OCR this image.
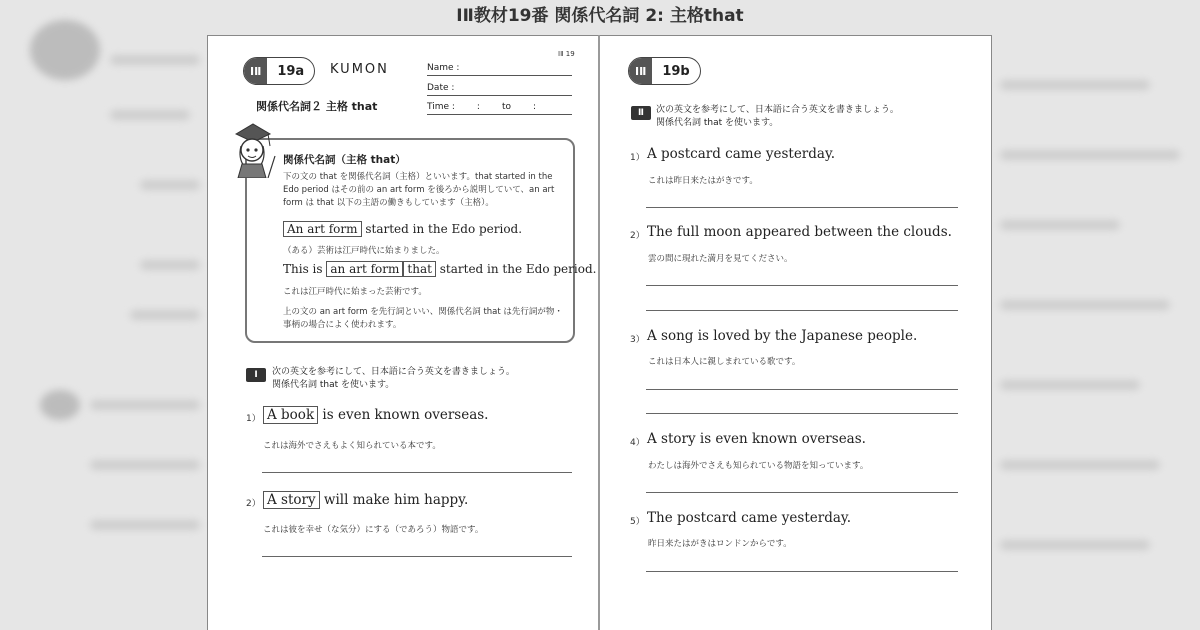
ⅠⅡ教材19番 関係代名詞 2: 主格that
ⅠⅡ	19a	KUMON
ⅠⅡ 19
Name :
Date :
Time : : to :
関係代名詞２ 主格 that
関係代名詞（主格 that）
下の文の that を関係代名詞（主格）といいます。that started in the Edo period はその前の an art form を後ろから説明していて、an art form は that 以下の主語の働きもしています（主格）。
An art form started in the Edo period.
（ある）芸術は江戸時代に始まりました。
This is an art form that started in the Edo period.
これは江戸時代に始まった芸術です。
上の文の an art form を先行詞といい、関係代名詞 that は先行詞が物・事柄の場合によく使われます。
Ⅰ	次の英文を参考にして、日本語に合う英文を書きましょう。
関係代名詞 that を使います。
1） A book is even known overseas.
これは海外でさえもよく知られている本です。
2） A story will make him happy.
これは彼を幸せ（な気分）にする（であろう）物語です。
ⅠⅡ	19b
Ⅱ	次の英文を参考にして、日本語に合う英文を書きましょう。
関係代名詞 that を使います。
1） A postcard came yesterday.
これは昨日来たはがきです。
2） The full moon appeared between the clouds.
雲の間に現れた満月を見てください。
3） A song is loved by the Japanese people.
これは日本人に親しまれている歌です。
4） A story is even known overseas.
わたしは海外でさえも知られている物語を知っています。
5） The postcard came yesterday.
昨日来たはがきはロンドンからです。
